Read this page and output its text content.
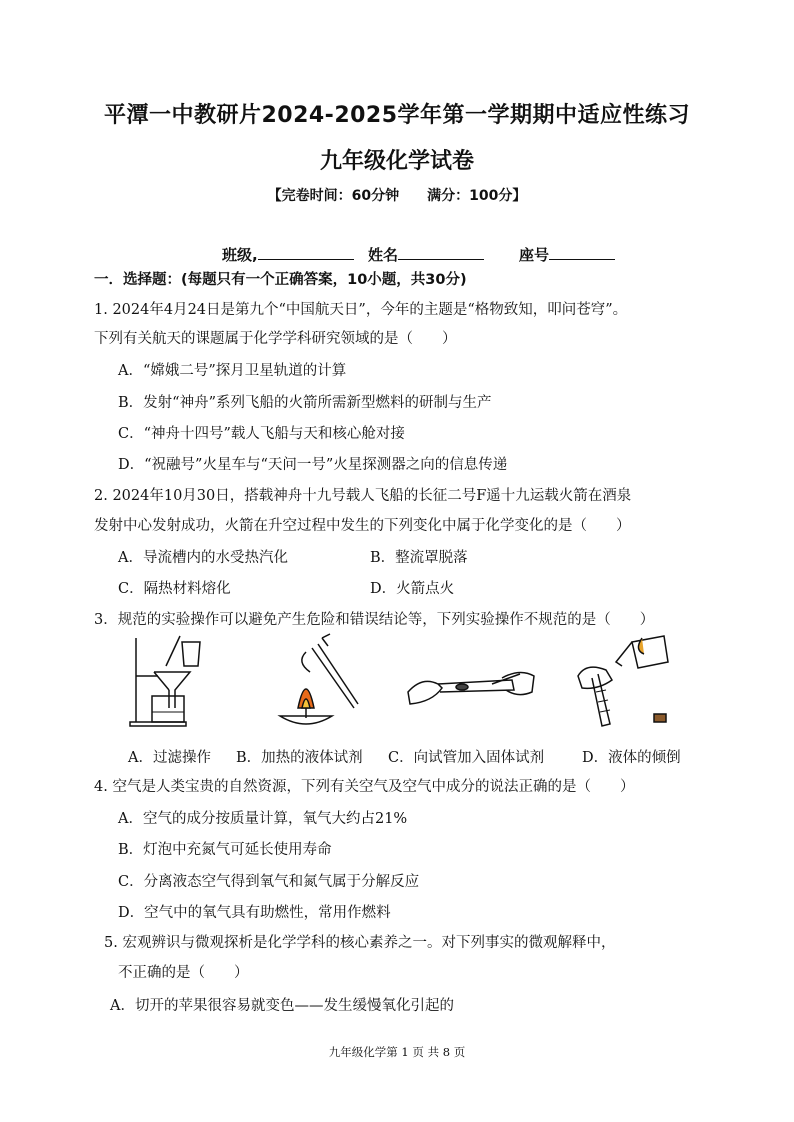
平潭一中教研片2024-2025学年第一学期期中适应性练习
九年级化学试卷
【完卷时间：60分钟　　满分：100分】
班级,	姓名	座号
一．选择题：(每题只有一个正确答案，10小题，共30分)
1. 2024年4月24日是第九个“中国航天日”，今年的主题是“格物致知，叩问苍穹”。
下列有关航天的课题属于化学学科研究领域的是（　　）
A．“嫦娥二号”探月卫星轨道的计算
B．发射“神舟”系列飞船的火箭所需新型燃料的研制与生产
C．“神舟十四号”载人飞船与天和核心舱对接
D．“祝融号”火星车与“天问一号”火星探测器之向的信息传递
2. 2024年10月30日，搭载神舟十九号载人飞船的长征二号F遥十九运载火箭在酒泉
发射中心发射成功，火箭在升空过程中发生的下列变化中属于化学变化的是（　　）
A．导流槽内的水受热汽化	B．整流罩脱落
C．隔热材料熔化	D．火箭点火
3．规范的实验操作可以避免产生危险和错误结论等，下列实验操作不规范的是（　　）
A．过滤操作 B．加热的液体试剂 C．向试管加入固体试剂	D．液体的倾倒
4. 空气是人类宝贵的自然资源，下列有关空气及空气中成分的说法正确的是（　　）
A．空气的成分按质量计算，氧气大约占21%
B．灯泡中充氮气可延长使用寿命
C．分离液态空气得到氧气和氮气属于分解反应
D．空气中的氧气具有助燃性，常用作燃料
5. 宏观辨识与微观探析是化学学科的核心素养之一。对下列事实的微观解释中，
不正确的是（　　）
A．切开的苹果很容易就变色——发生缓慢氧化引起的
九年级化学第 1 页 共 8 页
